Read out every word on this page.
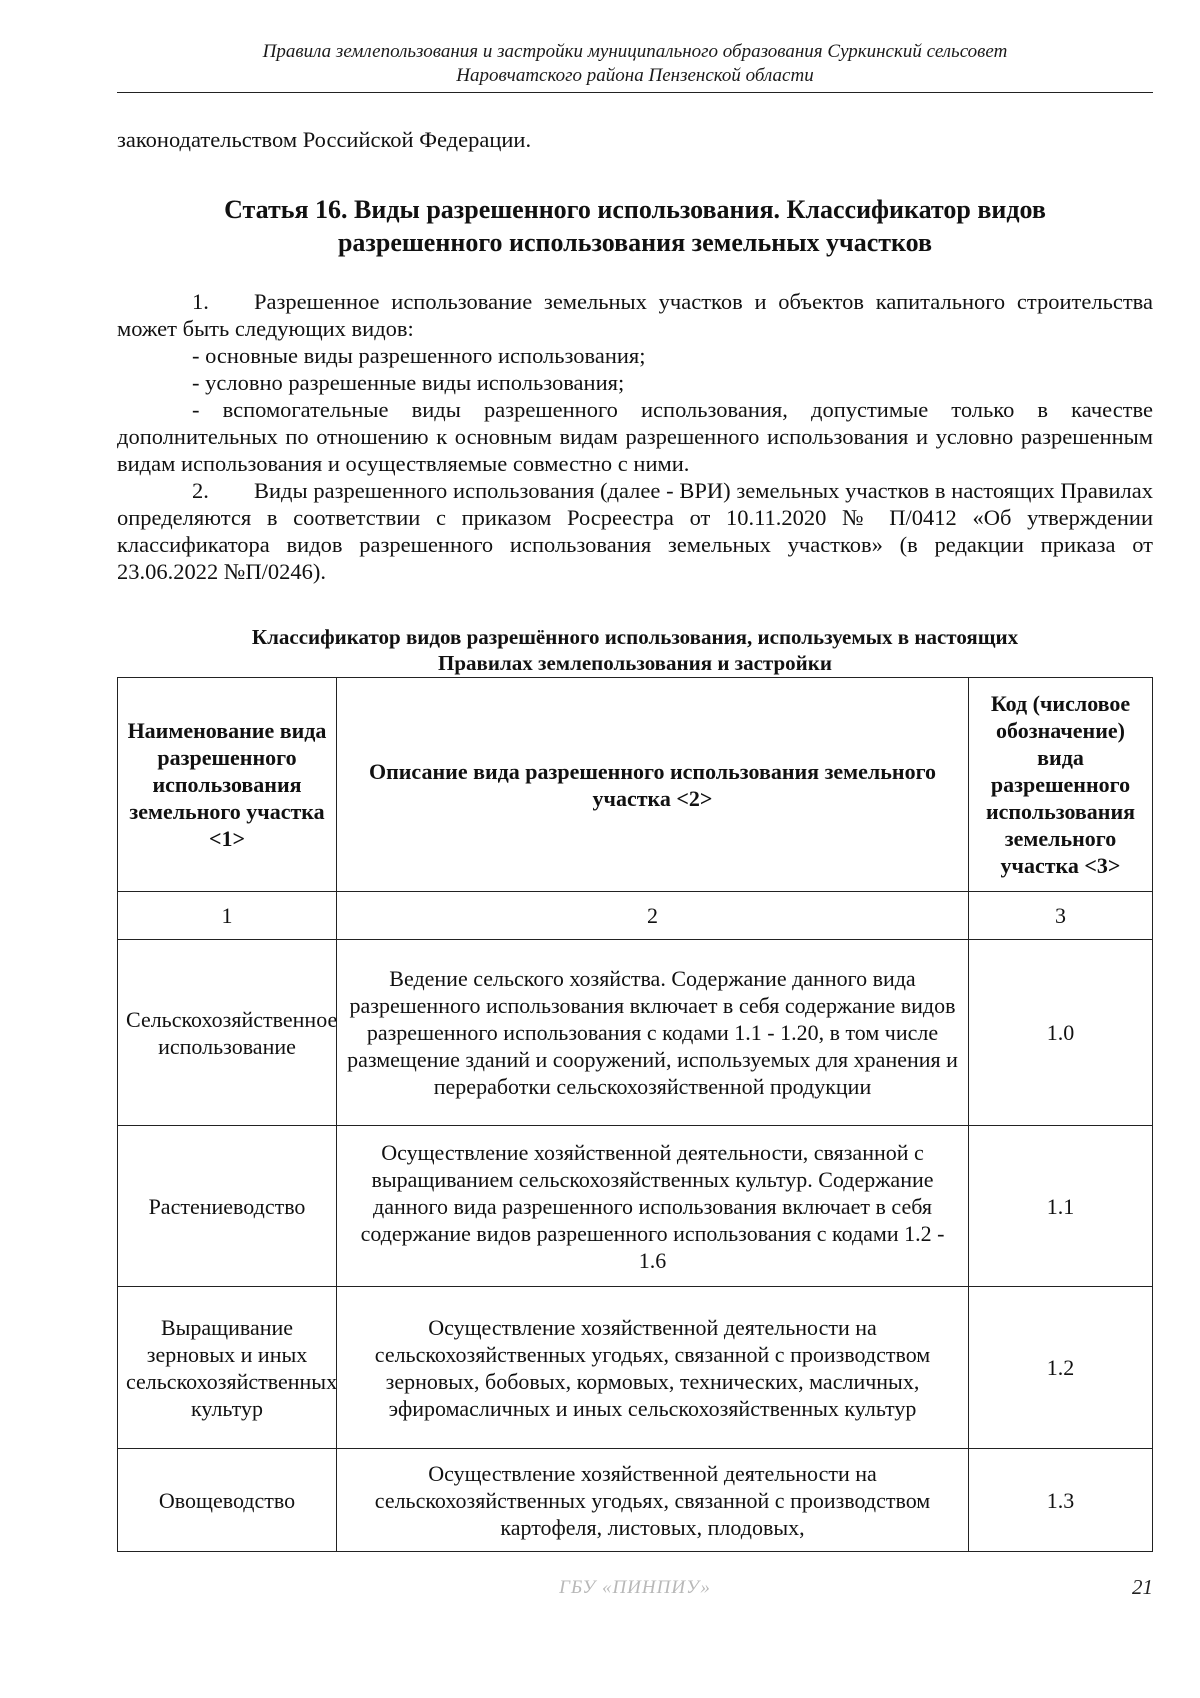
Правила землепользования и застройки муниципального образования Суркинский сельсовет
Наровчатского района Пензенской области
законодательством Российской Федерации.
Статья 16. Виды разрешенного использования. Классификатор видов
разрешенного использования земельных участков

1. Разрешенное использование земельных участков и объектов капитального строительства может быть следующих видов:

- основные виды разрешенного использования;

- условно разрешенные виды использования;

- вспомогательные виды разрешенного использования, допустимые только в качестве дополнительных по отношению к основным видам разрешенного использования и условно разрешенным видам использования и осуществляемые совместно с ними.

2. Виды разрешенного использования (далее - ВРИ) земельных участков в настоящих Правилах определяются в соответствии с приказом Росреестра от 10.11.2020 № П/0412 «Об утверждении классификатора видов разрешенного использования земельных участков» (в редакции приказа от 23.06.2022 №П/0246).

Классификатор видов разрешённого использования, используемых в настоящих
Правилах землепользования и застройки
Наименование вида разрешенного использования земельного участка <1>	Описание вида разрешенного использования земельного участка <2>	Код (числовое обозначение) вида разрешенного использования земельного участка <3>
1	2	3
Сельскохозяйственное использование	Ведение сельского хозяйства. Содержание данного вида разрешенного использования включает в себя содержание видов разрешенного использования с кодами 1.1 - 1.20, в том числе размещение зданий и сооружений, используемых для хранения и переработки сельскохозяйственной продукции	1.0
Растениеводство	Осуществление хозяйственной деятельности, связанной с выращиванием сельскохозяйственных культур. Содержание данного вида разрешенного использования включает в себя содержание видов разрешенного использования с кодами 1.2 - 1.6	1.1
Выращивание зерновых и иных сельскохозяйственных культур	Осуществление хозяйственной деятельности на сельскохозяйственных угодьях, связанной с производством зерновых, бобовых, кормовых, технических, масличных, эфиромасличных и иных сельскохозяйственных культур	1.2
Овощеводство	Осуществление хозяйственной деятельности на сельскохозяйственных угодьях, связанной с производством картофеля, листовых, плодовых,	1.3
ГБУ «ПИНПИУ»	21
